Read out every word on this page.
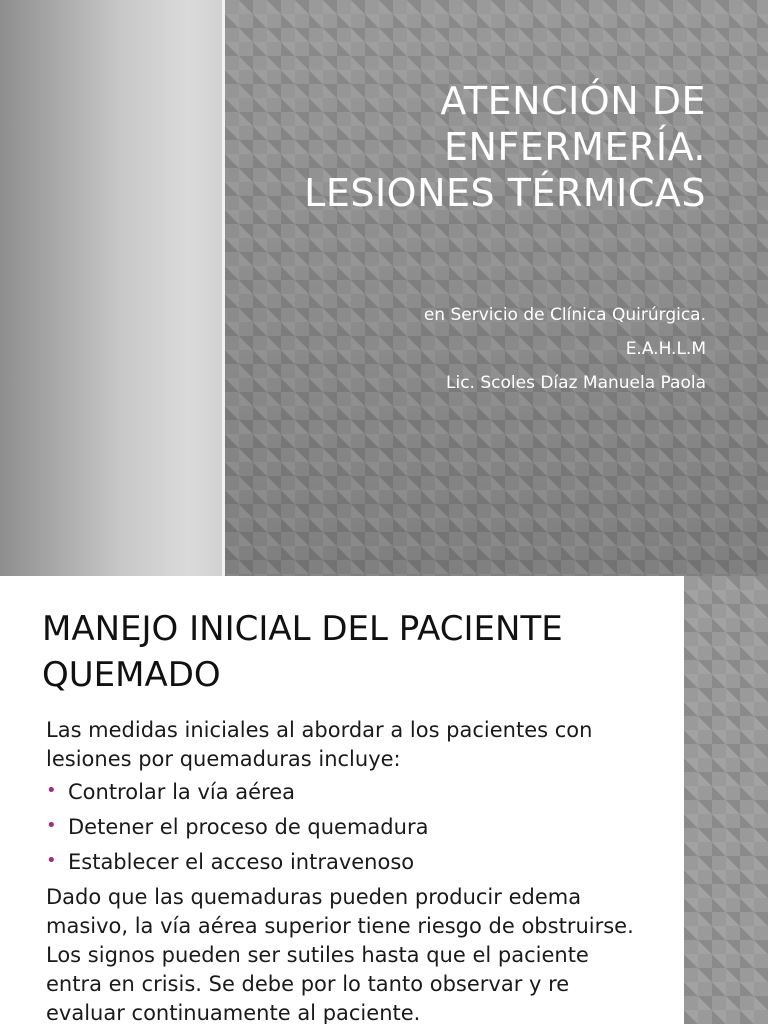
ATENCIÓN DE
ENFERMERÍA.
LESIONES TÉRMICAS
en Servicio de Clínica Quirúrgica.
E.A.H.L.M
Lic. Scoles Díaz Manuela Paola
MANEJO INICIAL DEL PACIENTE
QUEMADO

Las medidas iniciales al abordar a los pacientes con lesiones por quemaduras incluye:

• Controlar la vía aérea
• Detener el proceso de quemadura
• Establecer el acceso intravenoso

Dado que las quemaduras pueden producir edema masivo, la vía aérea superior tiene riesgo de obstruirse. Los signos pueden ser sutiles hasta que el paciente entra en crisis. Se debe por lo tanto observar y re evaluar continuamente al paciente.
